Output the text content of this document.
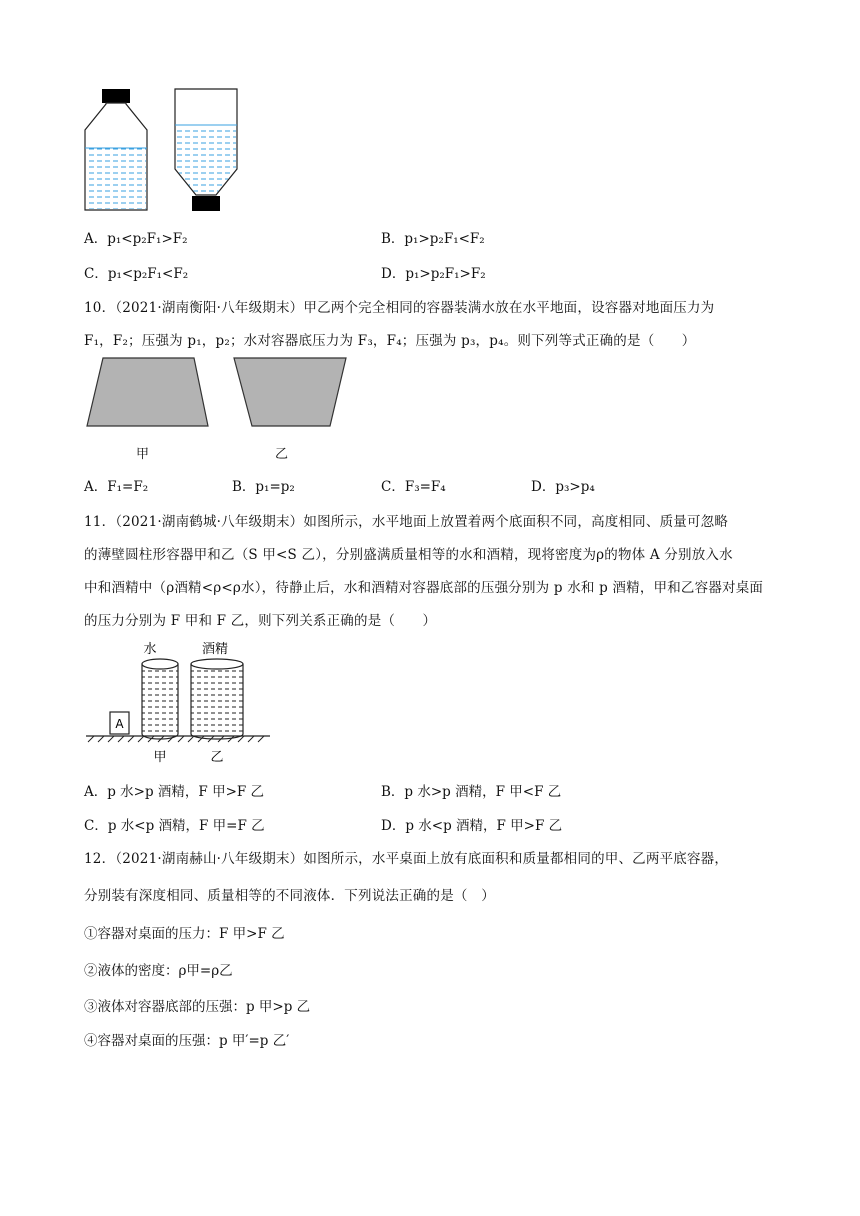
A．p₁<p₂F₁>F₂	B．p₁>p₂F₁<F₂
C．p₁<p₂F₁<F₂	D．p₁>p₂F₁>F₂
10．（2021·湖南衡阳·八年级期末）甲乙两个完全相同的容器装满水放在水平地面，设容器对地面压力为
F₁，F₂；压强为 p₁，p₂；水对容器底压力为 F₃，F₄；压强为 p₃，p₄。则下列等式正确的是（　　）
甲	乙
A．F₁=F₂	B．p₁=p₂	C．F₃=F₄	D．p₃>p₄
11．（2021·湖南鹤城·八年级期末）如图所示，水平地面上放置着两个底面积不同，高度相同、质量可忽略
的薄壁圆柱形容器甲和乙（S 甲<S 乙），分别盛满质量相等的水和酒精，现将密度为ρ的物体 A 分别放入水
中和酒精中（ρ酒精<ρ<ρ水），待静止后，水和酒精对容器底部的压强分别为 p 水和 p 酒精，甲和乙容器对桌面
的压力分别为 F 甲和 F 乙，则下列关系正确的是（　　）
水	酒精
A
甲	乙
A．p 水>p 酒精，F 甲>F 乙	B．p 水>p 酒精，F 甲<F 乙
C．p 水<p 酒精，F 甲=F 乙	D．p 水<p 酒精，F 甲>F 乙
12．（2021·湖南赫山·八年级期末）如图所示，水平桌面上放有底面积和质量都相同的甲、乙两平底容器，
分别装有深度相同、质量相等的不同液体．下列说法正确的是（　）
①容器对桌面的压力：F 甲>F 乙
②液体的密度：ρ甲=ρ乙
③液体对容器底部的压强：p 甲>p 乙
④容器对桌面的压强：p 甲′=p 乙′
